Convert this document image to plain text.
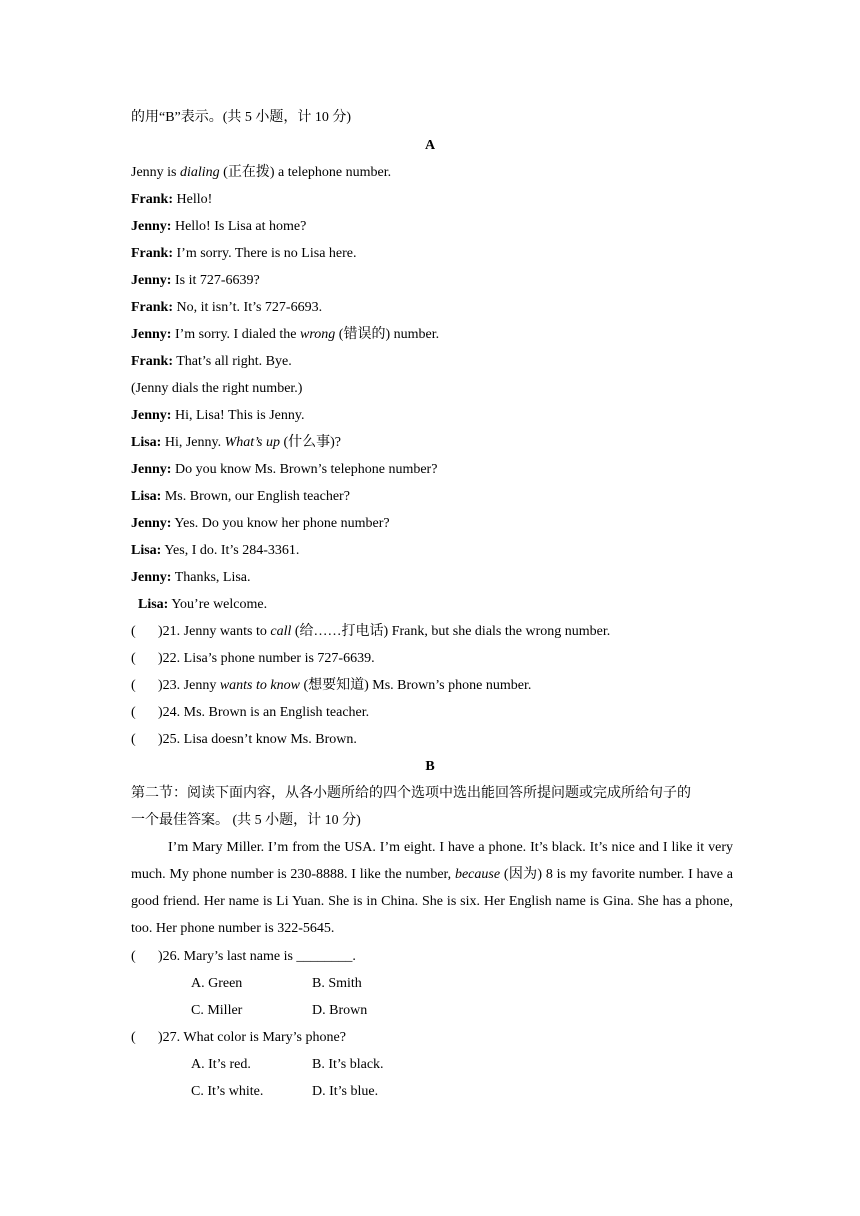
的用“B”表示。(共 5 小题，计 10 分)
A
Jenny is dialing (正在拨) a telephone number.
Frank: Hello!
Jenny: Hello! Is Lisa at home?
Frank: I’m sorry. There is no Lisa here.
Jenny: Is it 727-6639?
Frank: No, it isn’t. It’s 727-6693.
Jenny: I’m sorry. I dialed the wrong (错误的) number.
Frank: That’s all right. Bye.
(Jenny dials the right number.)
Jenny: Hi, Lisa! This is Jenny.
Lisa: Hi, Jenny. What’s up (什么事)?
Jenny: Do you know Ms. Brown’s telephone number?
Lisa: Ms. Brown, our English teacher?
Jenny: Yes. Do you know her phone number?
Lisa: Yes, I do. It’s 284-3361.
Jenny: Thanks, Lisa.
Lisa: You’re welcome.
( )21. Jenny wants to call (给……打电话) Frank, but she dials the wrong number.
( )22. Lisa’s phone number is 727-6639.
( )23. Jenny wants to know (想要知道) Ms. Brown’s phone number.
( )24. Ms. Brown is an English teacher.
( )25. Lisa doesn’t know Ms. Brown.
B
第二节：阅读下面内容，从各小题所给的四个选项中选出能回答所提问题或完成所给句子的
一个最佳答案。 (共 5 小题，计 10 分)
I’m Mary Miller. I’m from the USA. I’m eight. I have a phone. It’s black. It’s nice and I like it very much. My phone number is 230-8888. I like the number, because (因为) 8 is my favorite number. I have a good friend. Her name is Li Yuan. She is in China. She is six. Her English name is Gina. She has a phone, too. Her phone number is 322-5645.
( )26. Mary’s last name is ________.
A. Green	B. Smith
C. Miller	D. Brown
( )27. What color is Mary’s phone?
A. It’s red.	B. It’s black.
C. It’s white.	D. It’s blue.
